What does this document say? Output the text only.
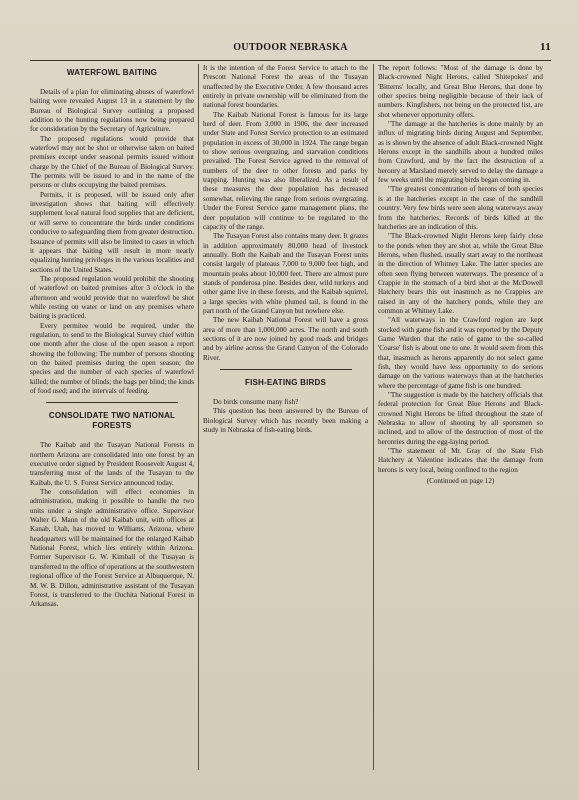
OUTDOOR NEBRASKA	11
WATERFOWL BAITING

Details of a plan for eliminating abuses of waterfowl baiting were revealed August 13 in a statement by the Bureau of Biological Survey outlining a proposed addition to the hunting regulations now being prepared for consideration by the Secretary of Agriculture.

The proposed regulations would provide that waterfowl may not be shot or otherwise taken on baited premises except under seasonal permits issued without charge by the Chief of the Bureau of Biological Survey. The permits will be issued to and in the name of the persons or clubs occupying the baited premises.

Permits, it is proposed, will be issued only after investigation shows that baiting will effectively supplement local natural food supplies that are deficient, or will serve to concentrate the birds under conditions conducive to safeguarding them from greater destruction. Issuance of permits will also be limited to cases in which it appears that baiting will result in more nearly equalizing hunting privileges in the various localities and sections of the United States.

The proposed regulation would prohibit the shooting of waterfowl on baited premises after 3 o'clock in the afternoon and would provide that no waterfowl be shot while resting on water or land on any premises where baiting is practiced.

Every permitee would be required, under the regulation, to send to the Biological Survey chief within one month after the close of the open season a report showing the following: The number of persons shooting on the baited premises during the open season; the species and the number of each species of waterfowl killed; the number of blinds; the bags per blind; the kinds of food used; and the intervals of feeding.

CONSOLIDATE TWO NATIONAL FORESTS

The Kaibab and the Tusayan National Forests in northern Arizona are consolidated into one forest by an executive order signed by President Roosevelt August 4, transferring most of the lands of the Tusayan to the Kaibab, the U. S. Forest Service announced today.

The consolidation will effect economies in administration, making it possible to handle the two units under a single administrative office. Supervisor Walter G. Mann of the old Kaibab unit, with offices at Kanab, Utah, has moved to Williams, Arizona, where headquarters will be maintained for the enlarged Kaibab National Forest, which lies entirely within Arizona. Former Supervisor G. W. Kimball of the Tusayan is transferred to the office of operations at the southwestern regional office of the Forest Service at Albuquerque, N. M. W. B. Dillon, administrative assistant of the Tusayan Forest, is transferred to the Ouchita National Forest in Arkansas.

It is the intention of the Forest Service to attach to the Prescott National Forest the areas of the Tusayan unaffected by the Executive Order. A few thousand acres entirely in private ownership will be eliminated from the national forest boundaries.

The Kaibab National Forest is famous for its large herd of deer. From 3,000 in 1906, the deer increased under State and Forest Service protection to an estimated population in excess of 30,000 in 1924. The range began to show serious overgrazing, and starvation conditions prevailed. The Forest Service agreed to the removal of numbers of the deer to other forests and parks by trapping. Hunting was also liberalized. As a result of these measures the deer population has decreased somewhat, relieving the range from serious overgrazing. Under the Forest Service game management plans, the deer population will continue to be regulated to the capacity of the range.

The Tusayan Forest also contains many deer. It grazes in addition approximately 80,000 head of livestock annually. Both the Kaibab and the Tusayan Forest units consist largely of plateaus 7,000 to 9,000 feet high, and mountain peaks about 10,000 feet. There are almost pure stands of ponderosa pine. Besides deer, wild turkeys and other game live in these forests, and the Kaibab squirrel, a large species with white plumed tail, is found in the part north of the Grand Canyon but nowhere else.

The new Kaibab National Forest will have a gross area of more than 1,000,000 acres. The north and south sections of it are now joined by good roads and bridges and by airline across the Grand Canyon of the Colorado River.

FISH-EATING BIRDS

Do birds consume many fish?

This question has been answered by the Bureau of Biological Survey which has recently been making a study in Nebraska of fish-eating birds.

The report follows: "Most of the damage is done by Black-crowned Night Herons, called 'Shitepokes' and 'Bitterns' locally, and Great Blue Herons, that done by other species being negligible because of their lack of numbers. Kingfishers, not being on the protected list, are shot whenever opportunity offers.

"The damage at the hatcheries is done mainly by an influx of migrating birds during August and September, as is shown by the absence of adult Black-crowned Night Herons except in the sandhills about a hundred miles from Crawford, and by the fact the destruction of a heronry at Marsland merely served to delay the damage a few weeks until the migrating birds began coming in.

"The greatest concentration of herons of both species is at the hatcheries except in the case of the sandhill country. Very few birds were seen along waterways away from the hatcheries. Records of birds killed at the hatcheries are an indication of this.

"The Black-crowned Night Herons keep fairly close to the ponds when they are shot at, while the Great Blue Herons, when flushed, usually start away to the northeast in the direction of Whitney Lake. The latter species are often seen flying between waterways. The presence of a Crappie in the stomach of a bird shot at the McDowell Hatchery bears this out inasmuch as no Crappies are raised in any of the hatchery ponds, while they are common at Whitney Lake.

"All waterways in the Crawford region are kept stocked with game fish and it was reported by the Deputy Game Warden that the ratio of game to the so-called 'Coarse' fish is about one to one. It would seem from this that, inasmuch as herons apparently do not select game fish, they would have less opportunity to do serious damage on the various waterways than at the hatcheries where the percentage of game fish is one hundred.

"The suggestion is made by the hatchery officials that federal protection for Great Blue Herons and Black-crowned Night Herons be lifted throughout the state of Nebraska to allow of shooting by all sportsmen so inclined, and to allow of the destruction of most of the heronries during the egg-laying period.

"The statement of Mr. Gray of the State Fish Hatchery at Valentine indicates that the damage from herons is very local, being confined to the region

(Continued on page 12)
